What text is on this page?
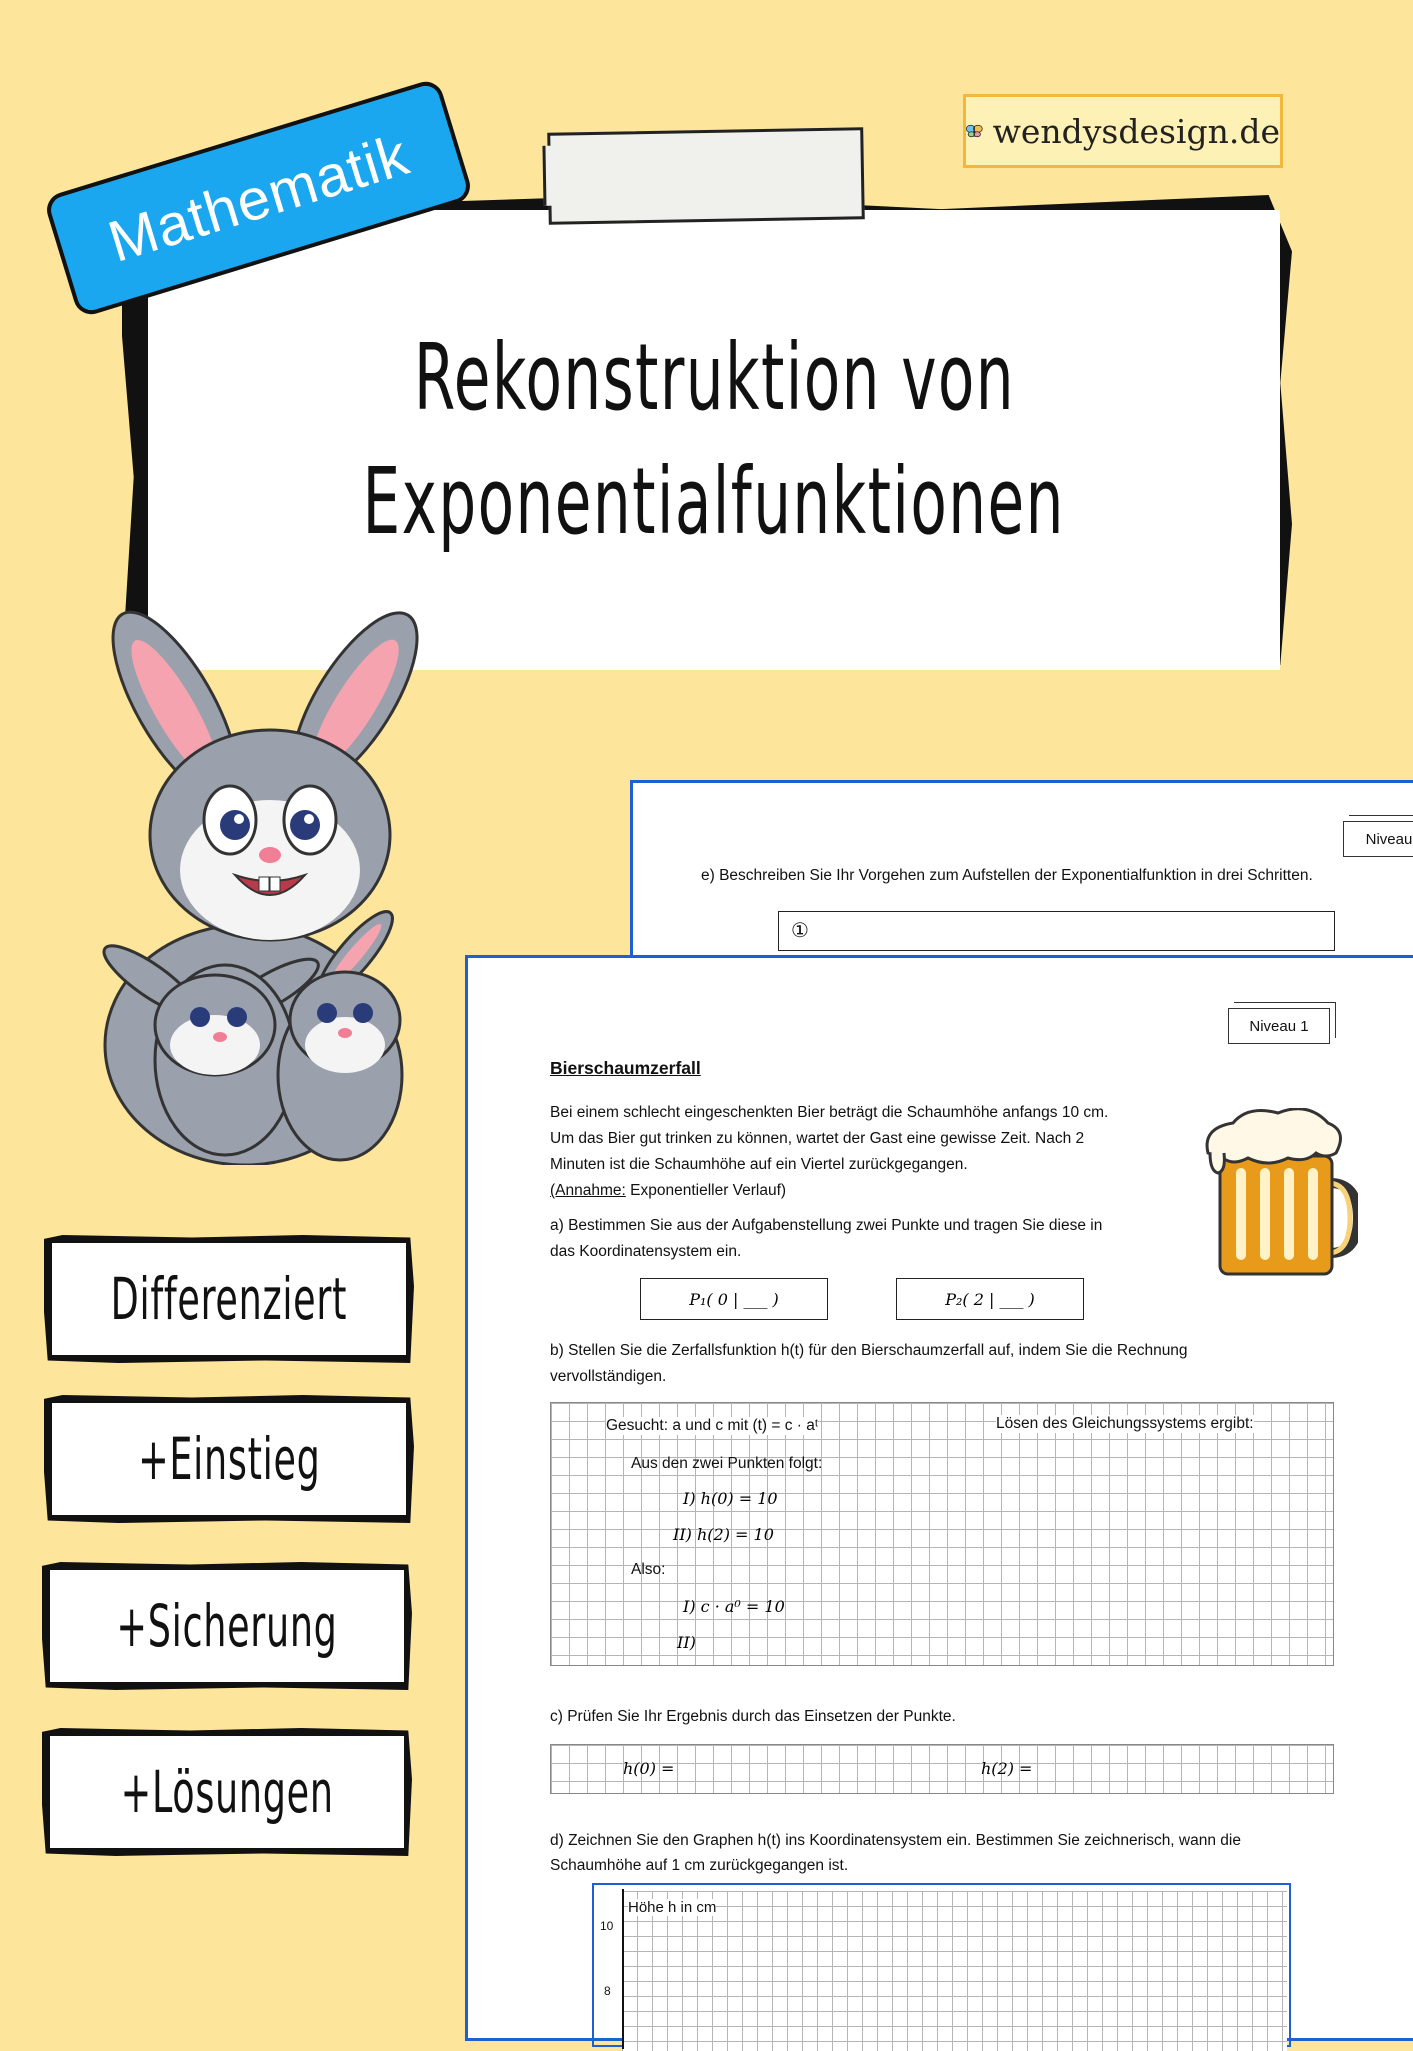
Niveau
e) Beschreiben Sie Ihr Vorgehen zum Aufstellen der Exponentialfunktion in drei Schritten.
①
Niveau 1
Bierschaumzerfall
Bei einem schlecht eingeschenkten Bier beträgt die Schaumhöhe anfangs 10 cm.
Um das Bier gut trinken zu können, wartet der Gast eine gewisse Zeit. Nach 2
Minuten ist die Schaumhöhe auf ein Viertel zurückgegangen.
(Annahme: Exponentieller Verlauf)
a) Bestimmen Sie aus der Aufgabenstellung zwei Punkte und tragen Sie diese in
das Koordinatensystem ein.
P₁( 0 | ___ )	P₂( 2 | ___ )
b) Stellen Sie die Zerfallsfunktion h(t) für den Bierschaumzerfall auf, indem Sie die Rechnung
vervollständigen.
Gesucht: a und c mit (t) = c · aᵗ	Lösen des Gleichungssystems ergibt:
Aus den zwei Punkten folgt:
I) h(0) = 10
II) h(2) = 10
Also:
I) c · a⁰ = 10
II)
c) Prüfen Sie Ihr Ergebnis durch das Einsetzen der Punkte.
h(0) =	h(2) =
d) Zeichnen Sie den Graphen h(t) ins Koordinatensystem ein. Bestimmen Sie zeichnerisch, wann die
Schaumhöhe auf 1 cm zurückgegangen ist.
Höhe h in cm
10
8
Rekonstruktion von
Exponentialfunktionen
Mathematik	wendysdesign.de
Differenziert
+Einstieg
+Sicherung
+Lösungen
